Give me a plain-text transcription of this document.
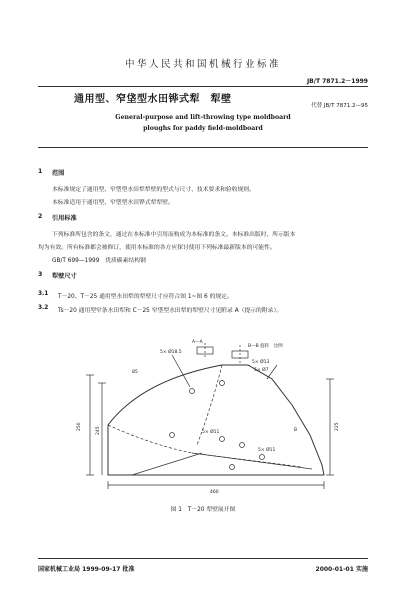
中华人民共和国机械行业标准
JB/T 7871.2－1999
通用型、窄垡型水田铧式犁　犁壁
代替 JB/T 7871.2—95
General-purpose and lift-throwing type moldboard
ploughs for paddy field-moldboard
1 范围
本标准规定了通用型、窄垡型水田犁犁壁的型式与尺寸、技术要求和验收规则。
本标准适用于通用型、窄垡型水田铧式犁犁壁。
2 引用标准
下列标准所包含的条文，通过在本标准中引用而构成为本标准的条文。本标准出版时，所示版本
均为有效。所有标准都会被修订，使用本标准的各方应探讨使用下列标准最新版本的可能性。
GB/T 699—1999　优质碳素结构钢
3 犁壁尺寸
3.1 T－20、T－25 通用型水田犁的犁壁尺寸应符合图 1~图 6 的规定。
3.2 Ts－20 通用型窄条水田犁和 C－25 窄垡型水田犁的犁壁尺寸见附录 A（提示的附录）。
A—A
B—B 旋转　比例
5× Ø18.5
5× Ø13
5× Ø7
5× Ø11
5× Ø11
250	245	225
460
85
B
图 1　T－20 犁壁展开图
国家机械工业局 1999-09-17 批准	2000-01-01 实施
